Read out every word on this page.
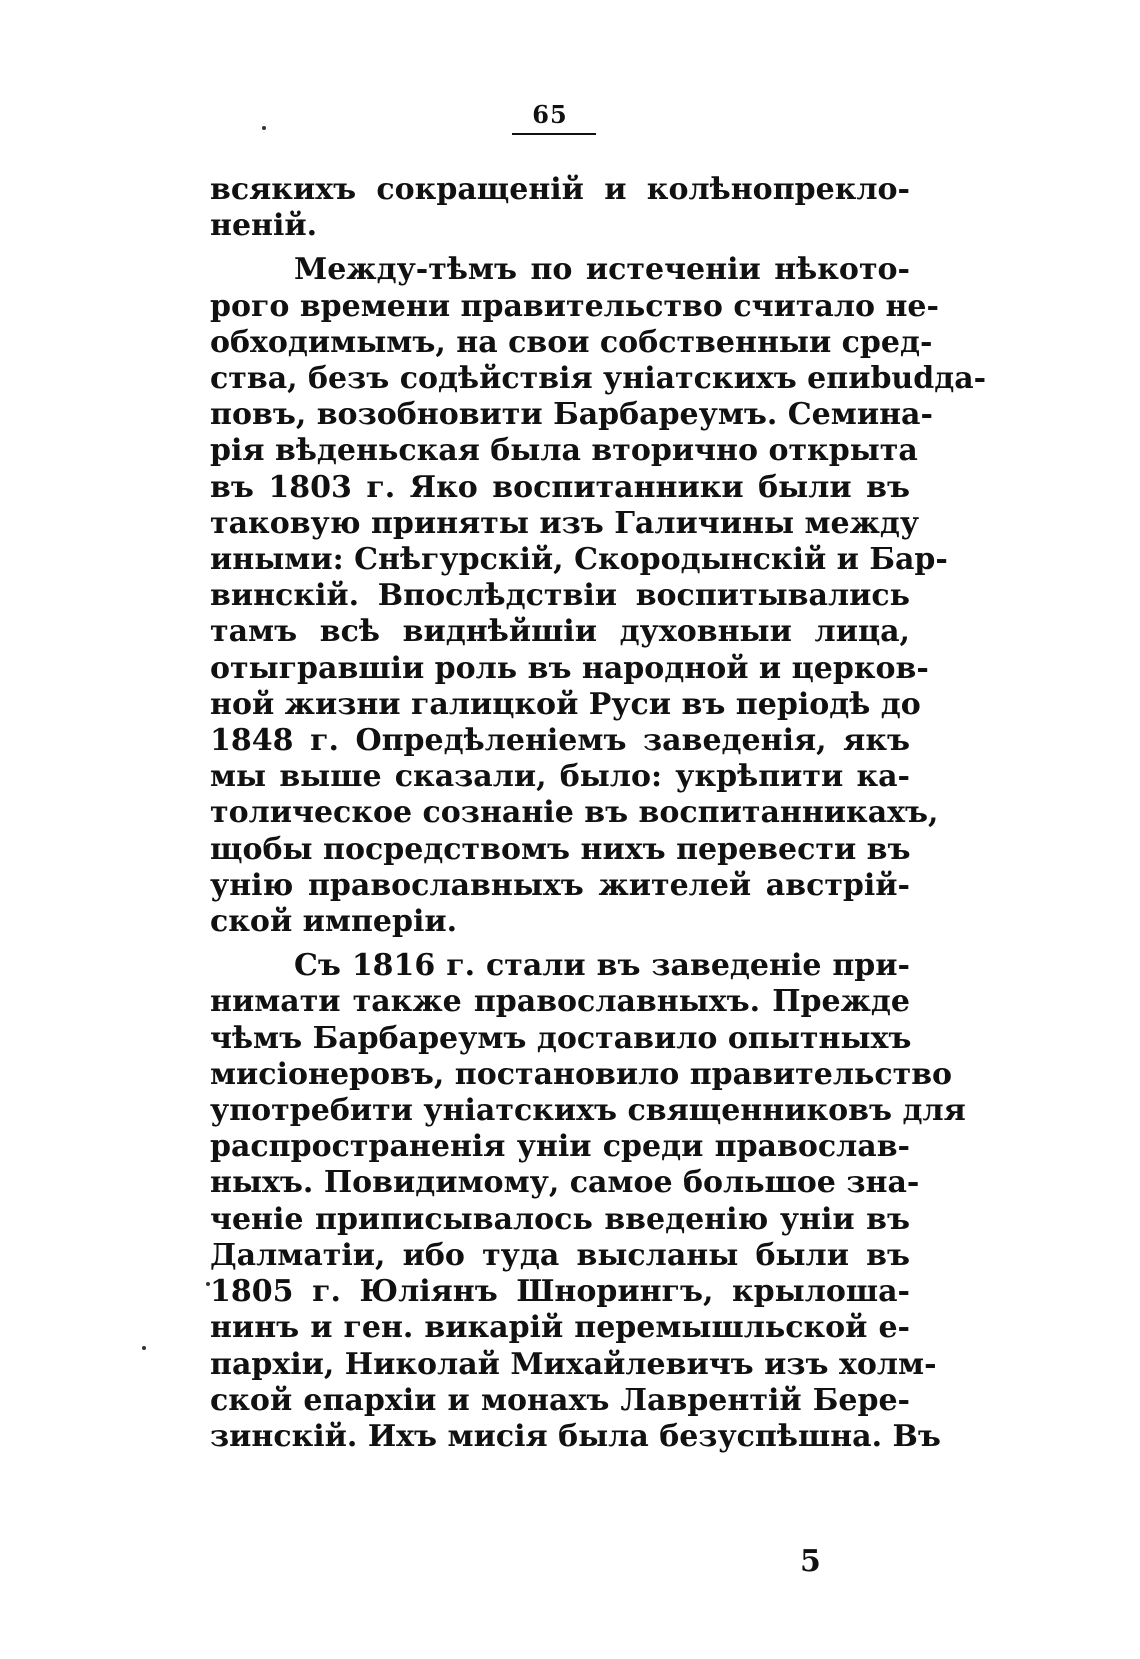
65

всякихъ сокращеній и колѣнопрекло-
неній.

Между-тѣмъ по истеченіи нѣкото-
рого времени правительство считало не-
обходимымъ, на свои собственныи сред-
ства, безъ содѣйствія уніатскихъ епиbudда-
повъ, возобновити Барбареумъ. Семина-
рія вѣденьская была вторично открыта
въ 1803 г. Яко воспитанники были въ
таковую приняты изъ Галичины между
иными: Снѣгурскій, Скородынскій и Бар-
винскій. Впослѣдствіи воспитывались
тамъ всѣ виднѣйшіи духовныи лица,
отыгравшіи роль въ народной и церков-
ной жизни галицкой Руси въ періодѣ до
1848 г. Опредѣленіемъ заведенія, якъ
мы выше сказали, было: укрѣпити ка-
толическое сознаніе въ воспитанникахъ,
щобы посредствомъ нихъ перевести въ
унію православныхъ жителей австрій-
ской имперіи.

Съ 1816 г. стали въ заведеніе при-
нимати также православныхъ. Прежде
чѣмъ Барбареумъ доставило опытныхъ
мисіонеровъ, постановило правительство
употребити уніатскихъ священниковъ для
распространенія уніи среди православ-
ныхъ. Повидимому, самое большое зна-
ченіе приписывалось введенію уніи въ
Далматіи, ибо туда высланы были въ
1805 г. Юліянъ Шнорингъ, крылоша-
нинъ и ген. викарій перемышльской е-
пархіи, Николай Михайлевичъ изъ холм-
ской епархіи и монахъ Лаврентій Бере-
зинскій. Ихъ мисія была безуспѣшна. Въ

5
